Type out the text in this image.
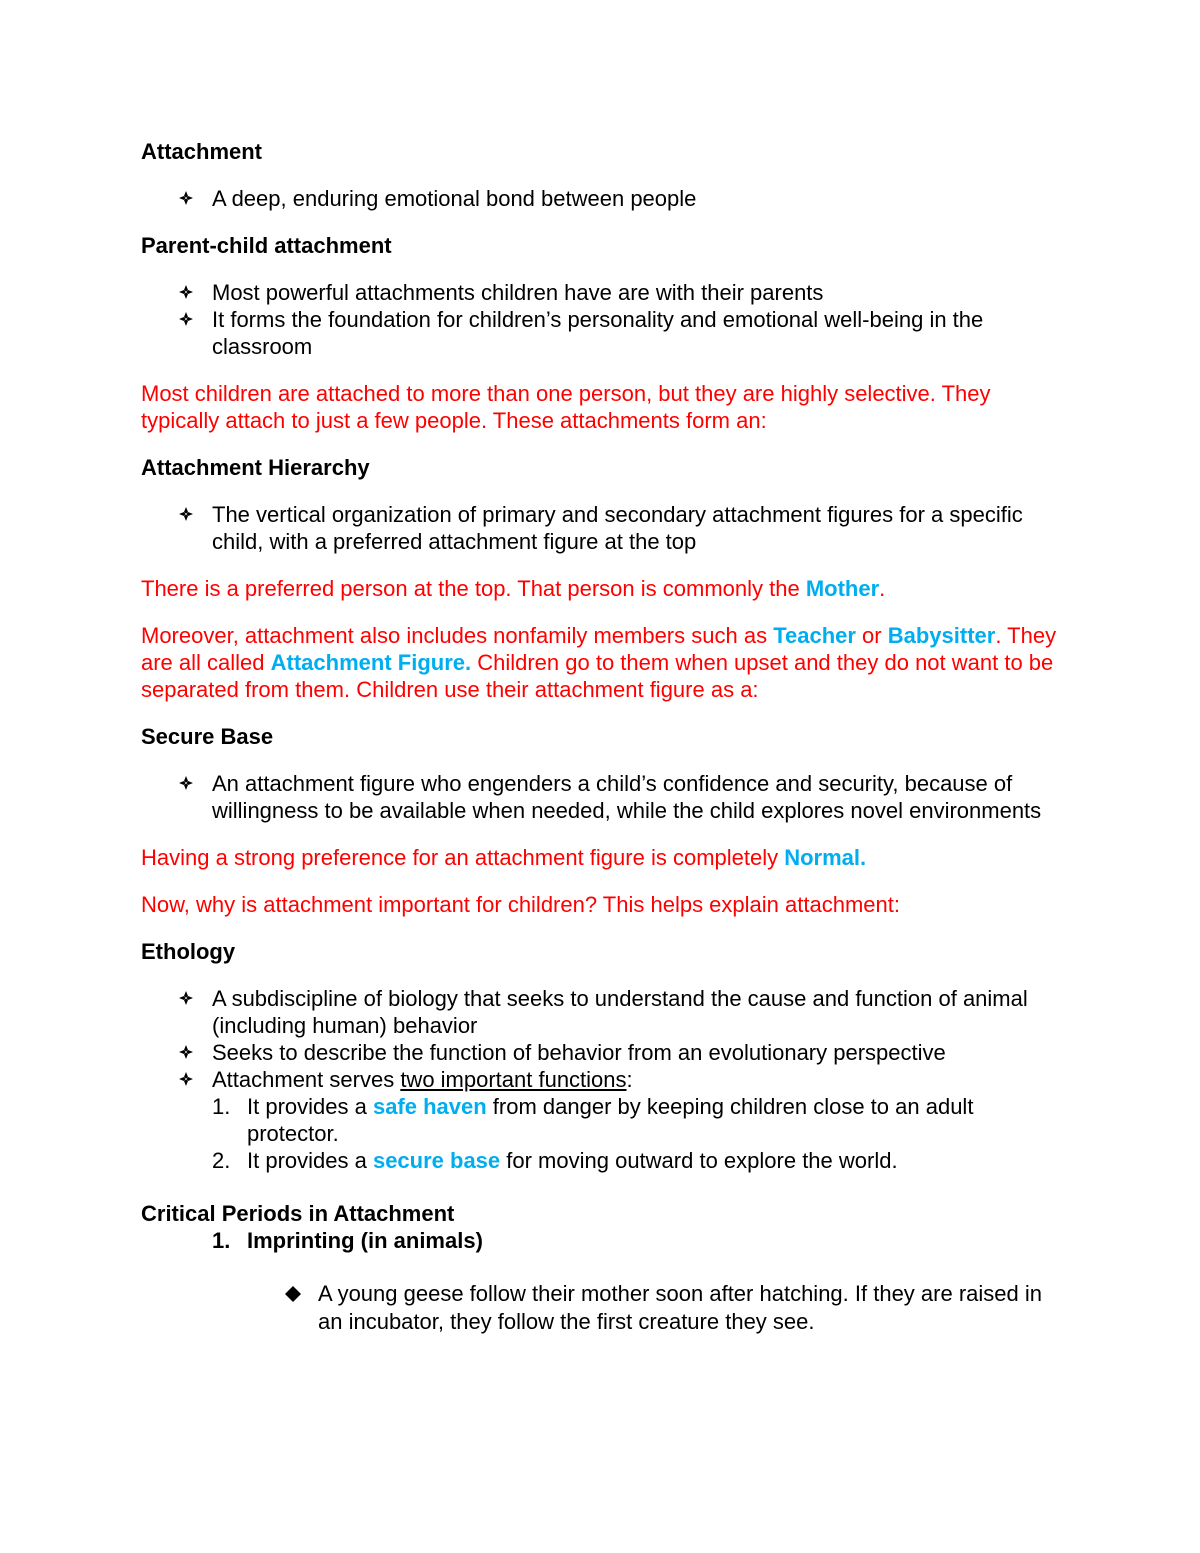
Attachment
A deep, enduring emotional bond between people
Parent-child attachment
Most powerful attachments children have are with their parents
It forms the foundation for children’s personality and emotional well-being in the classroom

Most children are attached to more than one person, but they are highly selective. They typically attach to just a few people. These attachments form an:

Attachment Hierarchy
The vertical organization of primary and secondary attachment figures for a specific child, with a preferred attachment figure at the top

There is a preferred person at the top. That person is commonly the Mother.

Moreover, attachment also includes nonfamily members such as Teacher or Babysitter. They are all called Attachment Figure. Children go to them when upset and they do not want to be separated from them. Children use their attachment figure as a:

Secure Base
An attachment figure who engenders a child’s confidence and security, because of willingness to be available when needed, while the child explores novel environments

Having a strong preference for an attachment figure is completely Normal.

Now, why is attachment important for children? This helps explain attachment:

Ethology
A subdiscipline of biology that seeks to understand the cause and function of animal (including human) behavior
Seeks to describe the function of behavior from an evolutionary perspective
Attachment serves two important functions:
1. It provides a safe haven from danger by keeping children close to an adult protector.
2. It provides a secure base for moving outward to explore the world.
Critical Periods in Attachment
1. Imprinting (in animals)
A young geese follow their mother soon after hatching. If they are raised in an incubator, they follow the first creature they see.
